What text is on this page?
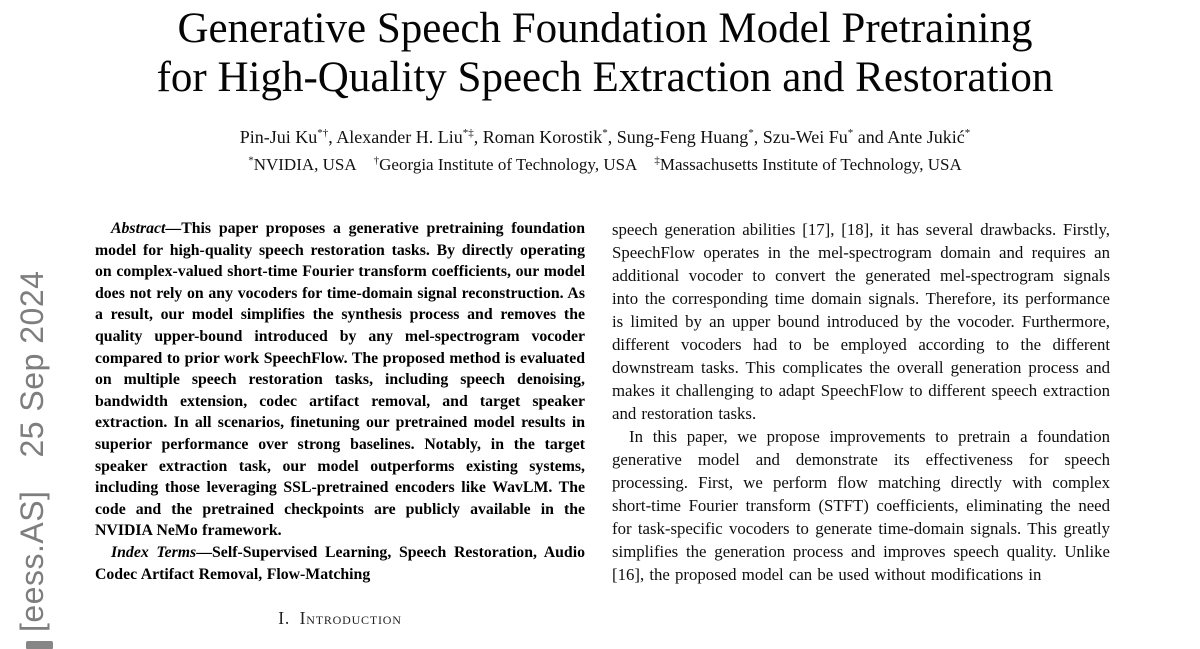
[eess.AS]  25 Sep 2024
Generative Speech Foundation Model Pretraining
for High-Quality Speech Extraction and Restoration
Pin-Jui Ku*†, Alexander H. Liu*‡, Roman Korostik*, Sung-Feng Huang*, Szu-Wei Fu* and Ante Jukić*
*NVIDIA, USA   †Georgia Institute of Technology, USA   ‡Massachusetts Institute of Technology, USA

Abstract—This paper proposes a generative pretraining foundation model for high-quality speech restoration tasks. By directly operating on complex-valued short-time Fourier transform coefficients, our model does not rely on any vocoders for time-domain signal reconstruction. As a result, our model simplifies the synthesis process and removes the quality upper-bound introduced by any mel-spectrogram vocoder compared to prior work SpeechFlow. The proposed method is evaluated on multiple speech restoration tasks, including speech denoising, bandwidth extension, codec artifact removal, and target speaker extraction. In all scenarios, finetuning our pretrained model results in superior performance over strong baselines. Notably, in the target speaker extraction task, our model outperforms existing systems, including those leveraging SSL-pretrained encoders like WavLM. The code and the pretrained checkpoints are publicly available in the NVIDIA NeMo framework.

Index Terms—Self-Supervised Learning, Speech Restoration, Audio Codec Artifact Removal, Flow-Matching

I. Introduction

speech generation abilities [17], [18], it has several drawbacks. Firstly, SpeechFlow operates in the mel-spectrogram domain and requires an additional vocoder to convert the generated mel-spectrogram signals into the corresponding time domain signals. Therefore, its performance is limited by an upper bound introduced by the vocoder. Furthermore, different vocoders had to be employed according to the different downstream tasks. This complicates the overall generation process and makes it challenging to adapt SpeechFlow to different speech extraction and restoration tasks.

In this paper, we propose improvements to pretrain a foundation generative model and demonstrate its effectiveness for speech processing. First, we perform flow matching directly with complex short-time Fourier transform (STFT) coefficients, eliminating the need for task-specific vocoders to generate time-domain signals. This greatly simplifies the generation process and improves speech quality. Unlike [16], the proposed model can be used without modifications in
